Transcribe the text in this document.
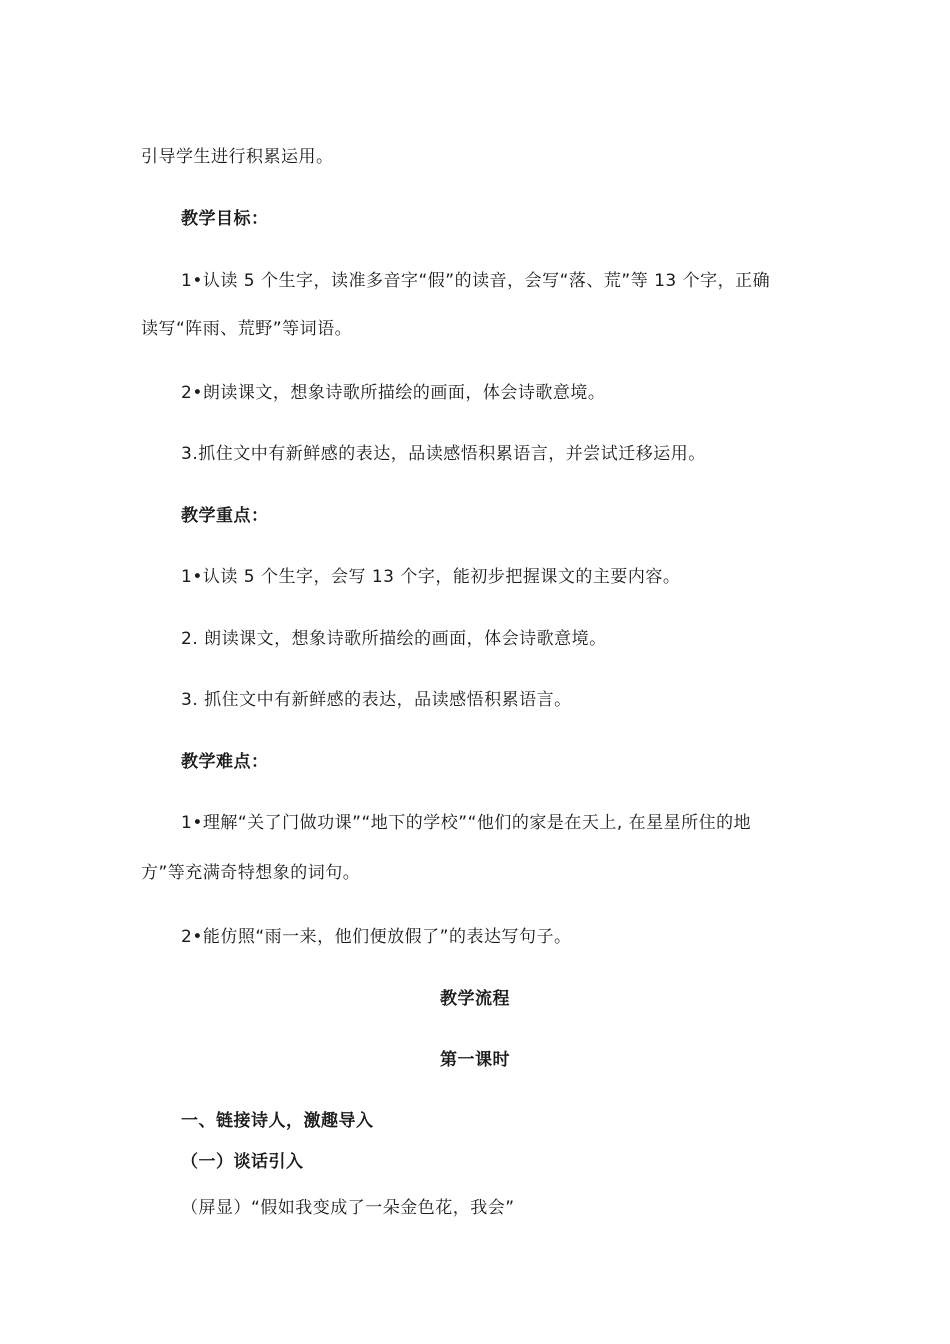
引导学生进行积累运用。
教学目标：
1•认读 5 个生字，读准多音字“假”的读音，会写“落、荒”等 13 个字，正确
读写“阵雨、荒野”等词语。
2•朗读课文，想象诗歌所描绘的画面，体会诗歌意境。
3.抓住文中有新鲜感的表达，品读感悟积累语言，并尝试迁移运用。
教学重点：
1•认读 5 个生字，会写 13 个字，能初步把握课文的主要内容。
2. 朗读课文，想象诗歌所描绘的画面，体会诗歌意境。
3. 抓住文中有新鲜感的表达，品读感悟积累语言。
教学难点：
1•理解“关了门做功课”“地下的学校”“他们的家是在天上, 在星星所住的地
方”等充满奇特想象的词句。
2•能仿照“雨一来，他们便放假了”的表达写句子。
教学流程
第一课时
一、链接诗人，激趣导入
（一）谈话引入
（屏显）“假如我变成了一朵金色花，我会”
